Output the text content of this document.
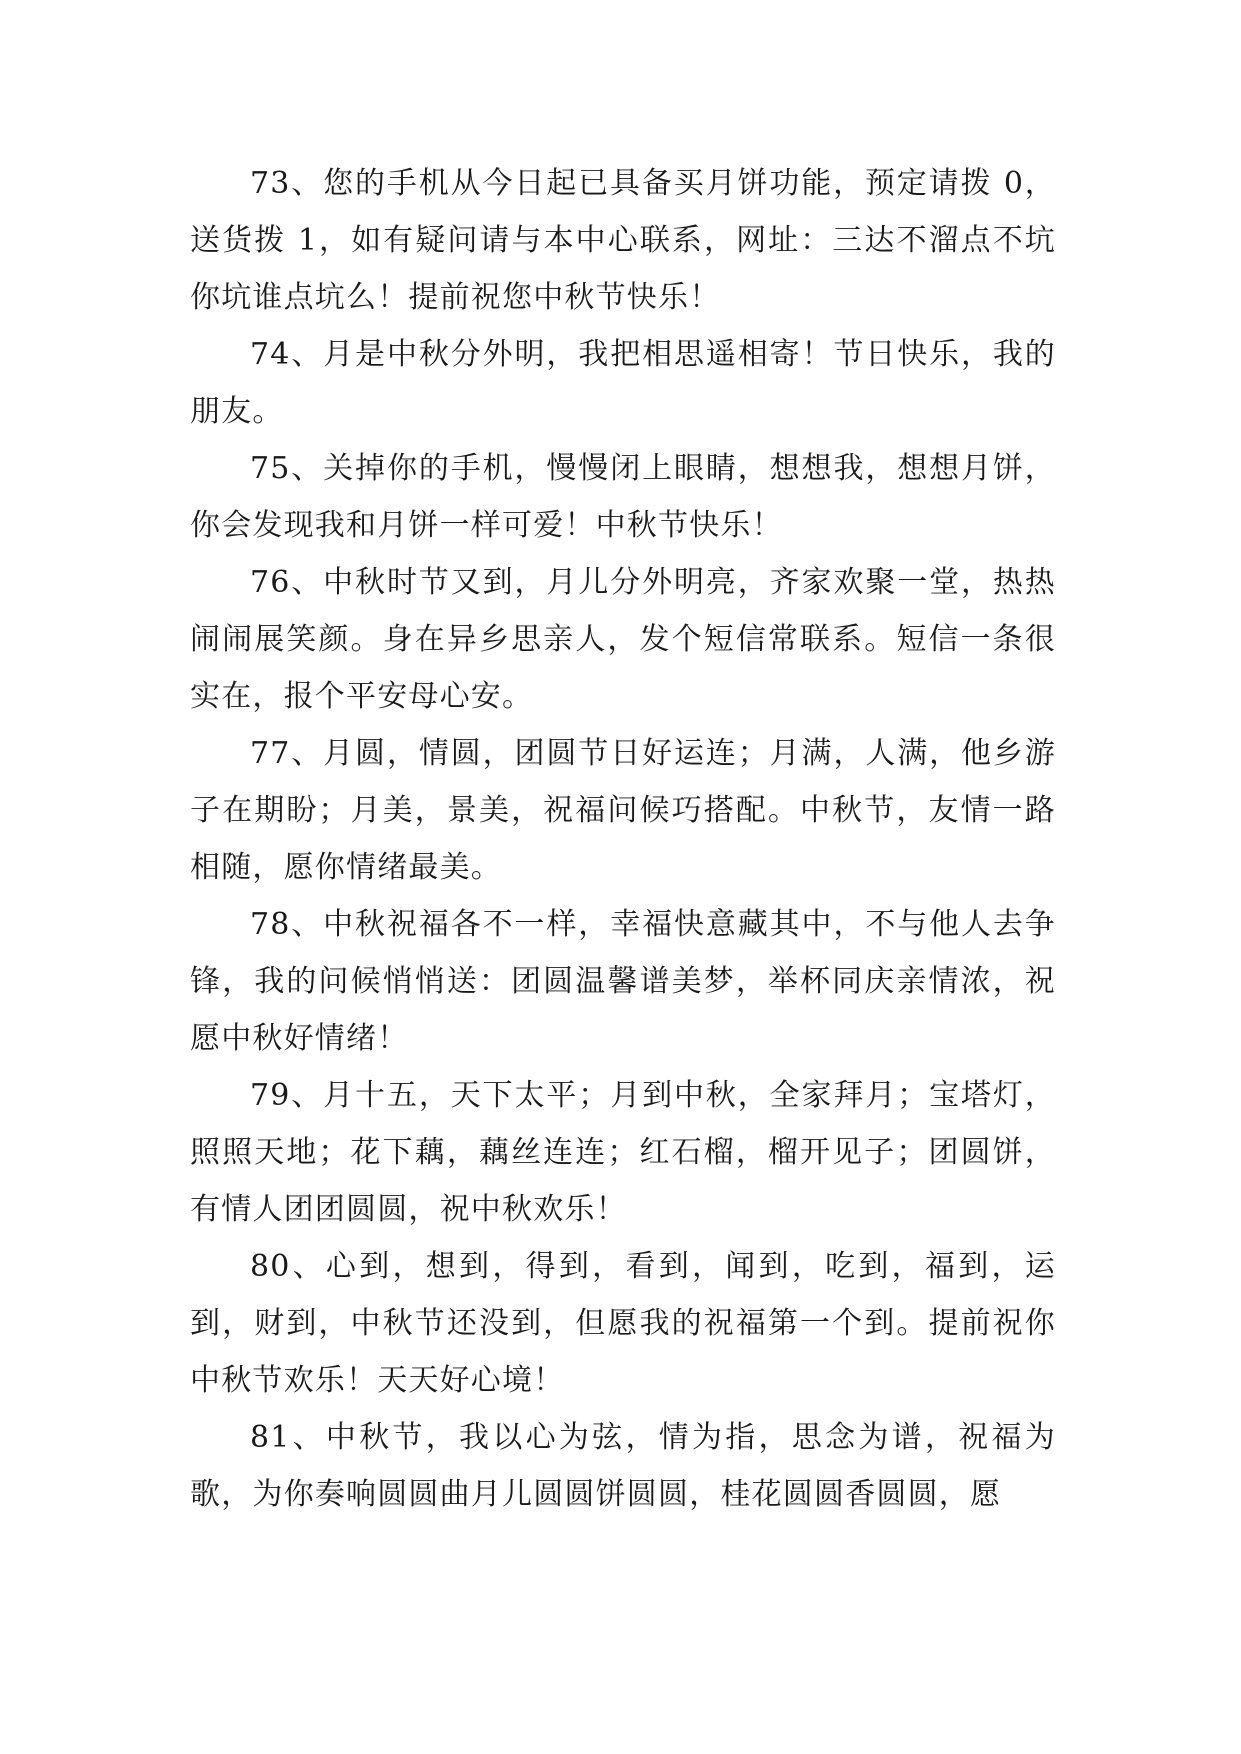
73、您的手机从今日起已具备买月饼功能，预定请拨 0，送货拨 1，如有疑问请与本中心联系，网址：三达不溜点不坑你坑谁点坑么！提前祝您中秋节快乐！

74、月是中秋分外明，我把相思遥相寄！节日快乐，我的朋友。

75、关掉你的手机，慢慢闭上眼睛，想想我，想想月饼，你会发现我和月饼一样可爱！中秋节快乐！

76、中秋时节又到，月儿分外明亮，齐家欢聚一堂，热热闹闹展笑颜。身在异乡思亲人，发个短信常联系。短信一条很实在，报个平安母心安。

77、月圆，情圆，团圆节日好运连；月满，人满，他乡游子在期盼；月美，景美，祝福问候巧搭配。中秋节，友情一路相随，愿你情绪最美。

78、中秋祝福各不一样，幸福快意藏其中，不与他人去争锋，我的问候悄悄送：团圆温馨谱美梦，举杯同庆亲情浓，祝愿中秋好情绪！

79、月十五，天下太平；月到中秋，全家拜月；宝塔灯，照照天地；花下藕，藕丝连连；红石榴，榴开见子；团圆饼，有情人团团圆圆，祝中秋欢乐！

80、心到，想到，得到，看到，闻到，吃到，福到，运到，财到，中秋节还没到，但愿我的祝福第一个到。提前祝你中秋节欢乐！天天好心境！

81、中秋节，我以心为弦，情为指，思念为谱，祝福为歌，为你奏响圆圆曲月儿圆圆饼圆圆，桂花圆圆香圆圆，愿
